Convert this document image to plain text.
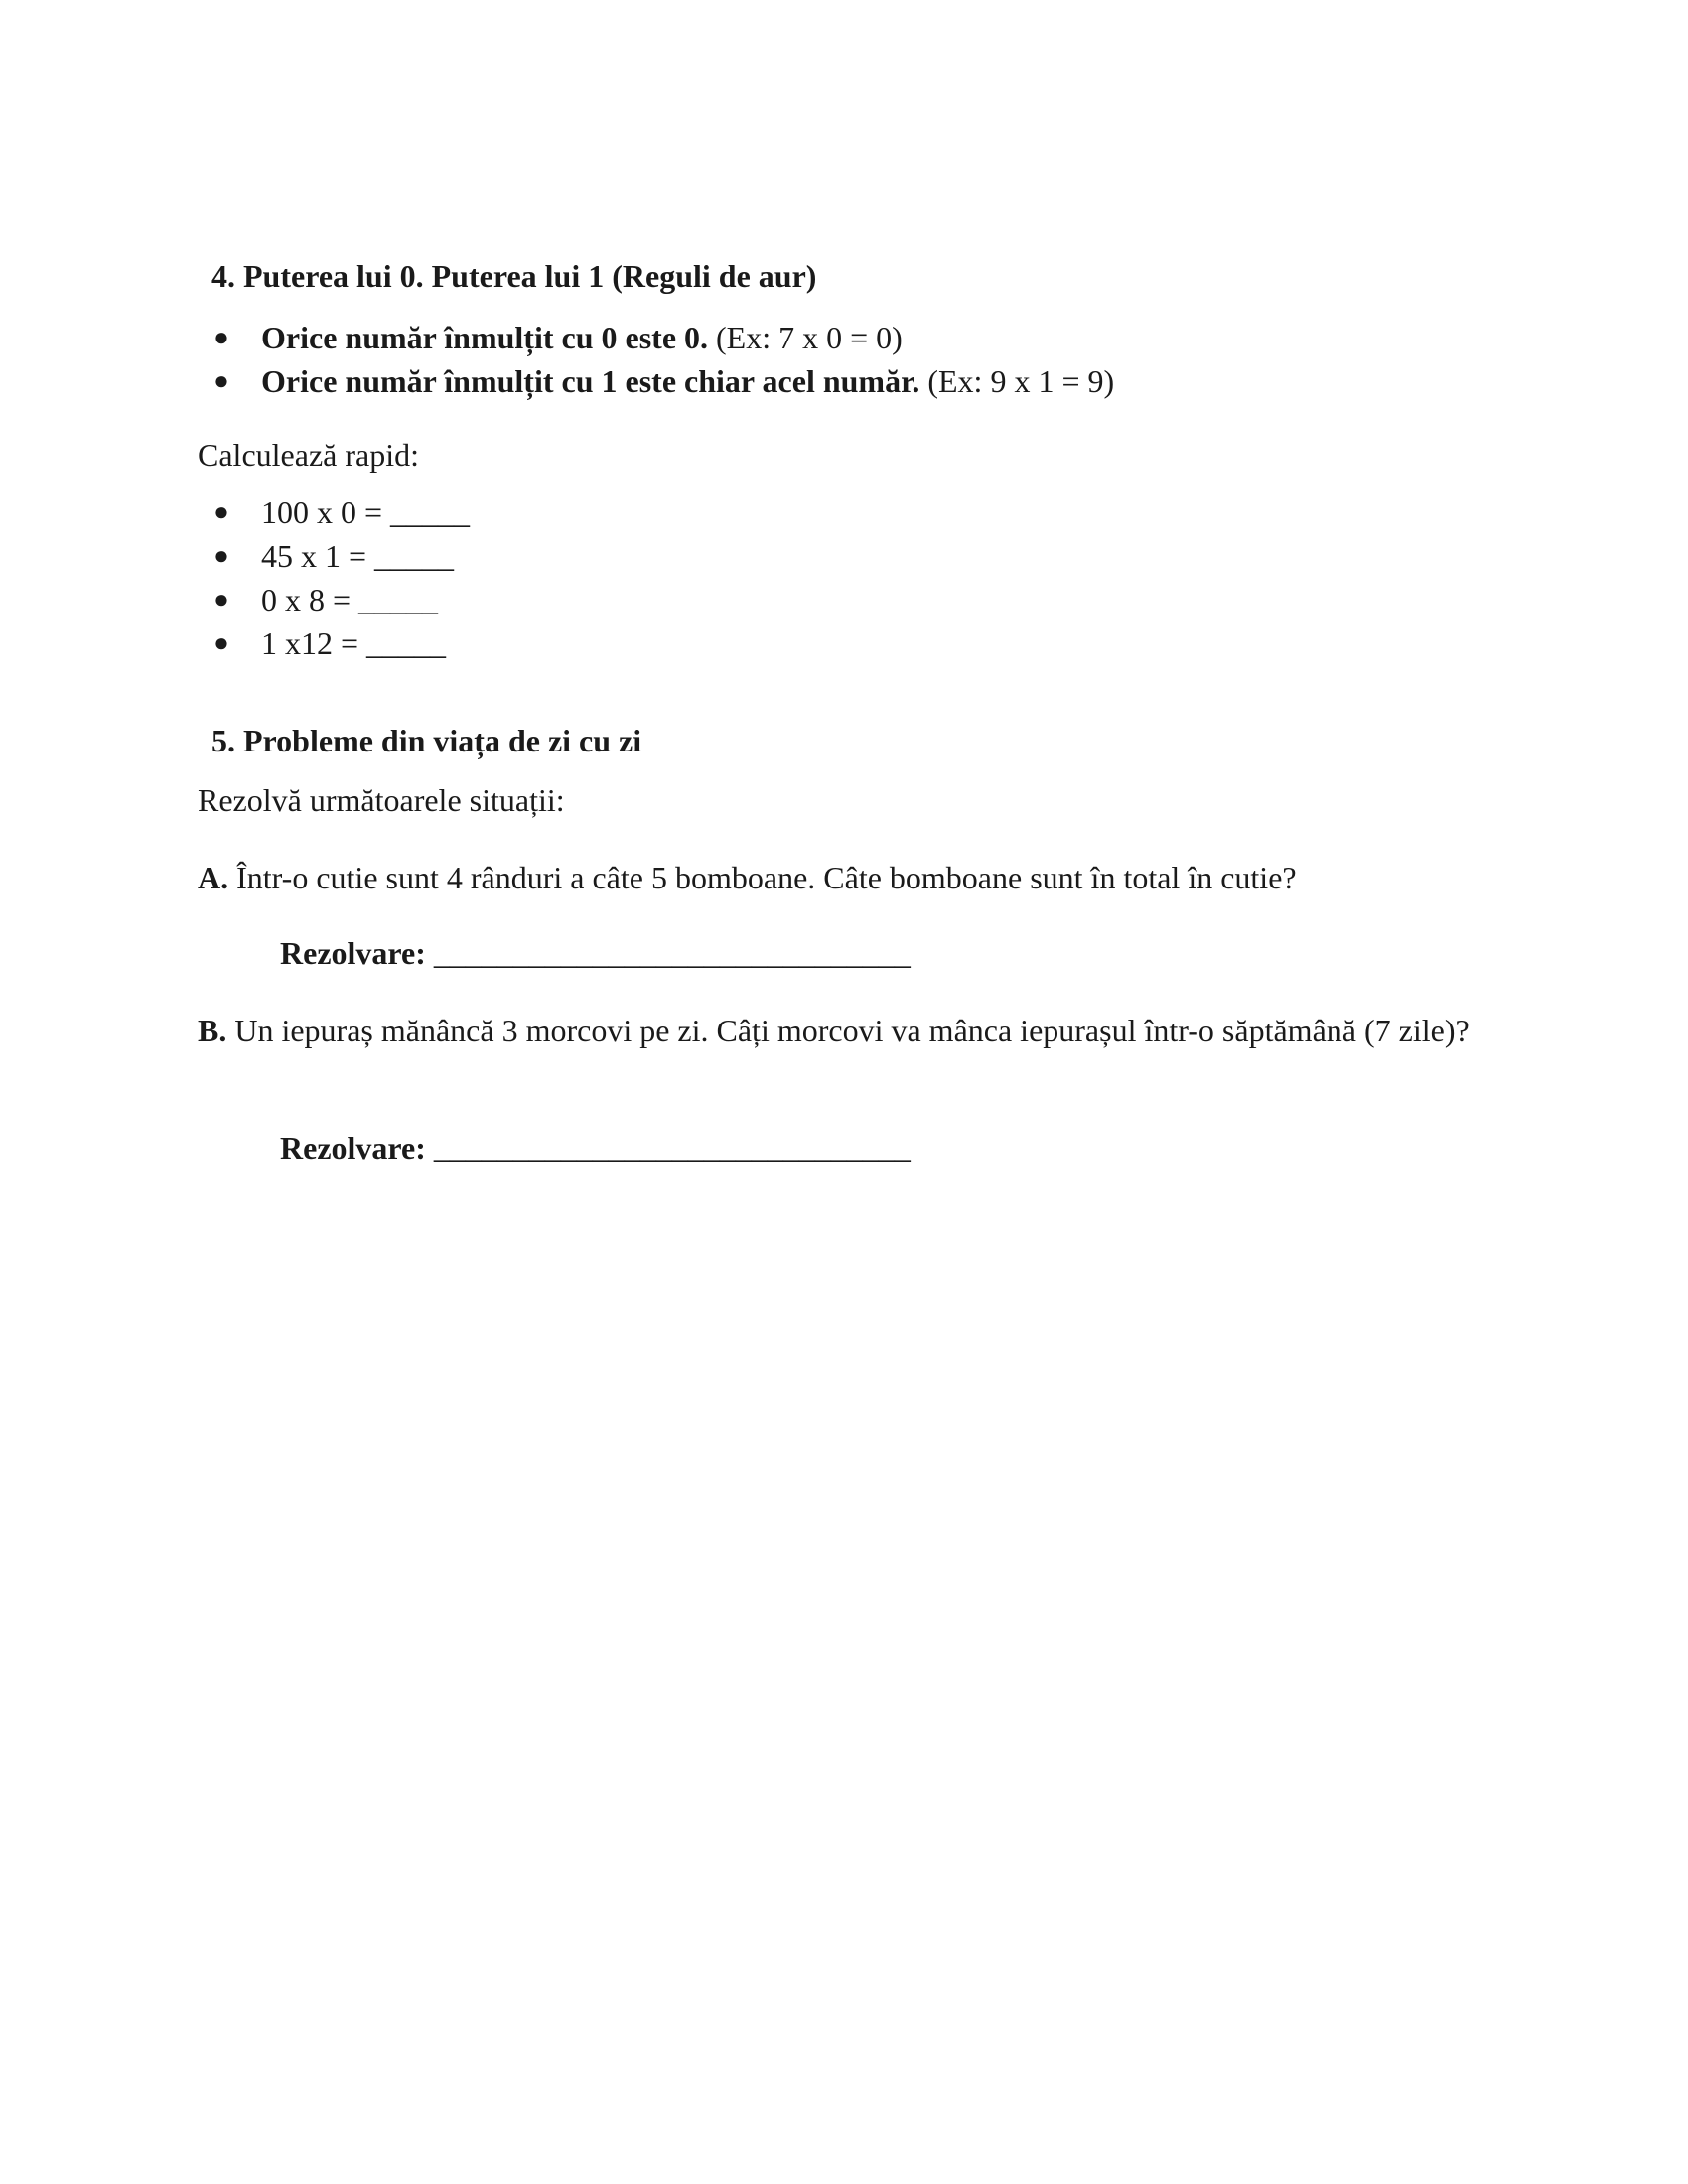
4. Puterea lui 0. Puterea lui 1 (Reguli de aur)
● Orice număr înmulțit cu 0 este 0. (Ex: 7 x 0 = 0)
● Orice număr înmulțit cu 1 este chiar acel număr. (Ex: 9 x 1 = 9)
Calculează rapid:
● 100 x 0 = _____
● 45 x 1 = _____
● 0 x 8 = _____
● 1 x12 = _____
5. Probleme din viața de zi cu zi
Rezolvă următoarele situații:
A. Într-o cutie sunt 4 rânduri a câte 5 bomboane. Câte bomboane sunt în total în cutie?
Rezolvare: ______________________________
B. Un iepuraș mănâncă 3 morcovi pe zi. Câți morcovi va mânca iepurașul într-o săptămână (7 zile)?
Rezolvare: ______________________________
